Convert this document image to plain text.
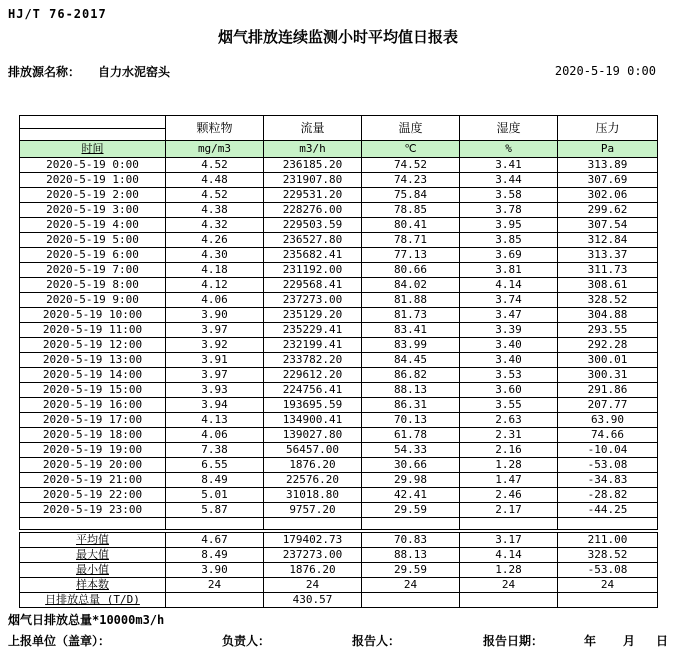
HJ/T 76-2017
烟气排放连续监测小时平均值日报表
排放源名称： 自力水泥窑头	2020-5-19 0:00
	颗粒物	流量	温度	湿度	压力

时间	mg/m3	m3/h	℃	%	Pa
2020-5-19 0:00	4.52	236185.20	74.52	3.41	313.89
2020-5-19 1:00	4.48	231907.80	74.23	3.44	307.69
2020-5-19 2:00	4.52	229531.20	75.84	3.58	302.06
2020-5-19 3:00	4.38	228276.00	78.85	3.78	299.62
2020-5-19 4:00	4.32	229503.59	80.41	3.95	307.54
2020-5-19 5:00	4.26	236527.80	78.71	3.85	312.84
2020-5-19 6:00	4.30	235682.41	77.13	3.69	313.37
2020-5-19 7:00	4.18	231192.00	80.66	3.81	311.73
2020-5-19 8:00	4.12	229568.41	84.02	4.14	308.61
2020-5-19 9:00	4.06	237273.00	81.88	3.74	328.52
2020-5-19 10:00	3.90	235129.20	81.73	3.47	304.88
2020-5-19 11:00	3.97	235229.41	83.41	3.39	293.55
2020-5-19 12:00	3.92	232199.41	83.99	3.40	292.28
2020-5-19 13:00	3.91	233782.20	84.45	3.40	300.01
2020-5-19 14:00	3.97	229612.20	86.82	3.53	300.31
2020-5-19 15:00	3.93	224756.41	88.13	3.60	291.86
2020-5-19 16:00	3.94	193695.59	86.31	3.55	207.77
2020-5-19 17:00	4.13	134900.41	70.13	2.63	63.90
2020-5-19 18:00	4.06	139027.80	61.78	2.31	74.66
2020-5-19 19:00	7.38	56457.00	54.33	2.16	-10.04
2020-5-19 20:00	6.55	1876.20	30.66	1.28	-53.08
2020-5-19 21:00	8.49	22576.20	29.98	1.47	-34.83
2020-5-19 22:00	5.01	31018.80	42.41	2.46	-28.82
2020-5-19 23:00	5.87	9757.20	29.59	2.17	-44.25

平均值	4.67	179402.73	70.83	3.17	211.00
最大值	8.49	237273.00	88.13	4.14	328.52
最小值	3.90	1876.20	29.59	1.28	-53.08
样本数	24	24	24	24	24
日排放总量 (T/D)		430.57			
烟气日排放总量*10000m3/h
上报单位（盖章）：	负责人：	报告人：	报告日期：	年 月 日
